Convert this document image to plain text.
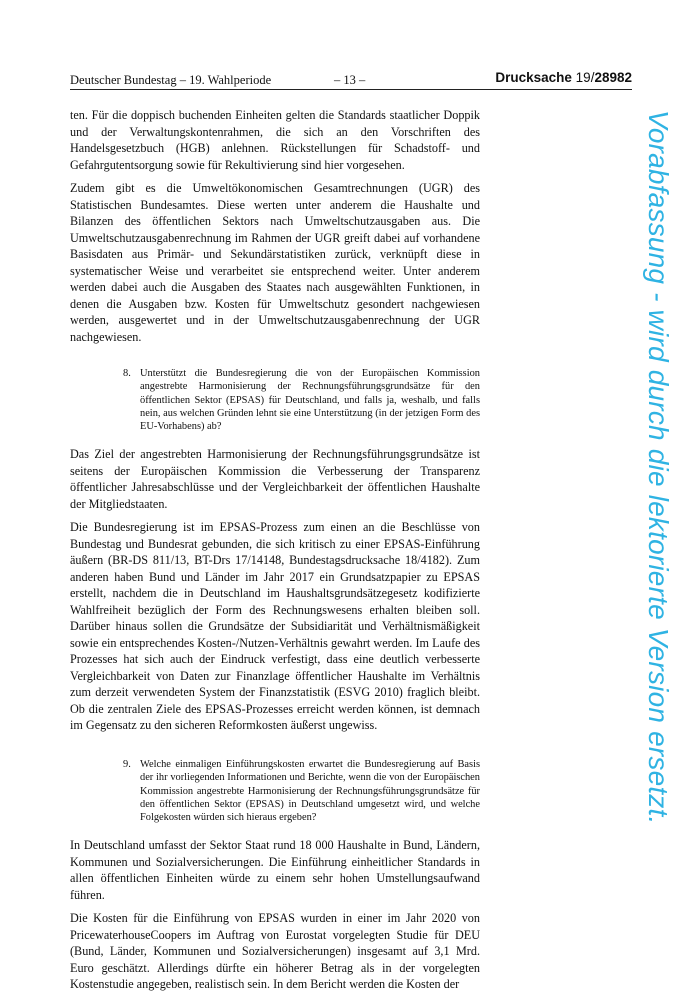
Deutscher Bundestag – 19. Wahlperiode	– 13 –	Drucksache 19/28982

ten. Für die doppisch buchenden Einheiten gelten die Standards staatlicher Doppik und der Verwaltungskontenrahmen, die sich an den Vorschriften des Handelsgesetzbuch (HGB) anlehnen. Rückstellungen für Schadstoff- und Gefahrgutentsorgung sowie für Rekultivierung sind hier vorgesehen.

Zudem gibt es die Umweltökonomischen Gesamtrechnungen (UGR) des Statistischen Bundesamtes. Diese werten unter anderem die Haushalte und Bilanzen des öffentlichen Sektors nach Umweltschutzausgaben aus. Die Umweltschutzausgabenrechnung im Rahmen der UGR greift dabei auf vorhandene Basisdaten aus Primär- und Sekundärstatistiken zurück, verknüpft diese in systematischer Weise und verarbeitet sie entsprechend weiter. Unter anderem werden dabei auch die Ausgaben des Staates nach ausgewählten Funktionen, in denen die Ausgaben bzw. Kosten für Umweltschutz gesondert nachgewiesen werden, ausgewertet und in der Umweltschutzausgabenrechnung der UGR nachgewiesen.

8. Unterstützt die Bundesregierung die von der Europäischen Kommission angestrebte Harmonisierung der Rechnungsführungsgrundsätze für den öffentlichen Sektor (EPSAS) für Deutschland, und falls ja, weshalb, und falls nein, aus welchen Gründen lehnt sie eine Unterstützung (in der jetzigen Form des EU-Vorhabens) ab?

Das Ziel der angestrebten Harmonisierung der Rechnungsführungsgrundsätze ist seitens der Europäischen Kommission die Verbesserung der Transparenz öffentlicher Jahresabschlüsse und der Vergleichbarkeit der öffentlichen Haushalte der Mitgliedstaaten.

Die Bundesregierung ist im EPSAS-Prozess zum einen an die Beschlüsse von Bundestag und Bundesrat gebunden, die sich kritisch zu einer EPSAS-Einführung äußern (BR-DS 811/13, BT-Drs 17/14148, Bundestagsdrucksache 18/4182). Zum anderen haben Bund und Länder im Jahr 2017 ein Grundsatzpapier zu EPSAS erstellt, nachdem die in Deutschland im Haushaltsgrundsätzegesetz kodifizierte Wahlfreiheit bezüglich der Form des Rechnungswesens erhalten bleiben soll. Darüber hinaus sollen die Grundsätze der Subsidiarität und Verhältnismäßigkeit sowie ein entsprechendes Kosten-/Nutzen-Verhältnis gewahrt werden. Im Laufe des Prozesses hat sich auch der Eindruck verfestigt, dass eine deutlich verbesserte Vergleichbarkeit von Daten zur Finanzlage öffentlicher Haushalte im Verhältnis zum derzeit verwendeten System der Finanzstatistik (ESVG 2010) fraglich bleibt. Ob die zentralen Ziele des EPSAS-Prozesses erreicht werden können, ist demnach im Gegensatz zu den sicheren Reformkosten äußerst ungewiss.

9. Welche einmaligen Einführungskosten erwartet die Bundesregierung auf Basis der ihr vorliegenden Informationen und Berichte, wenn die von der Europäischen Kommission angestrebte Harmonisierung der Rechnungsführungsgrundsätze für den öffentlichen Sektor (EPSAS) in Deutschland umgesetzt wird, und welche Folgekosten würden sich hieraus ergeben?

In Deutschland umfasst der Sektor Staat rund 18 000 Haushalte in Bund, Ländern, Kommunen und Sozialversicherungen. Die Einführung einheitlicher Standards in allen öffentlichen Einheiten würde zu einem sehr hohen Umstellungsaufwand führen.

Die Kosten für die Einführung von EPSAS wurden in einer im Jahr 2020 von PricewaterhouseCoopers im Auftrag von Eurostat vorgelegten Studie für DEU (Bund, Länder, Kommunen und Sozialversicherungen) insgesamt auf 3,1 Mrd. Euro geschätzt. Allerdings dürfte ein höherer Betrag als in der vorgelegten Kostenstudie angegeben, realistisch sein. In dem Bericht werden die Kosten der

Vorabfassung - wird durch die lektorierte Version ersetzt.
